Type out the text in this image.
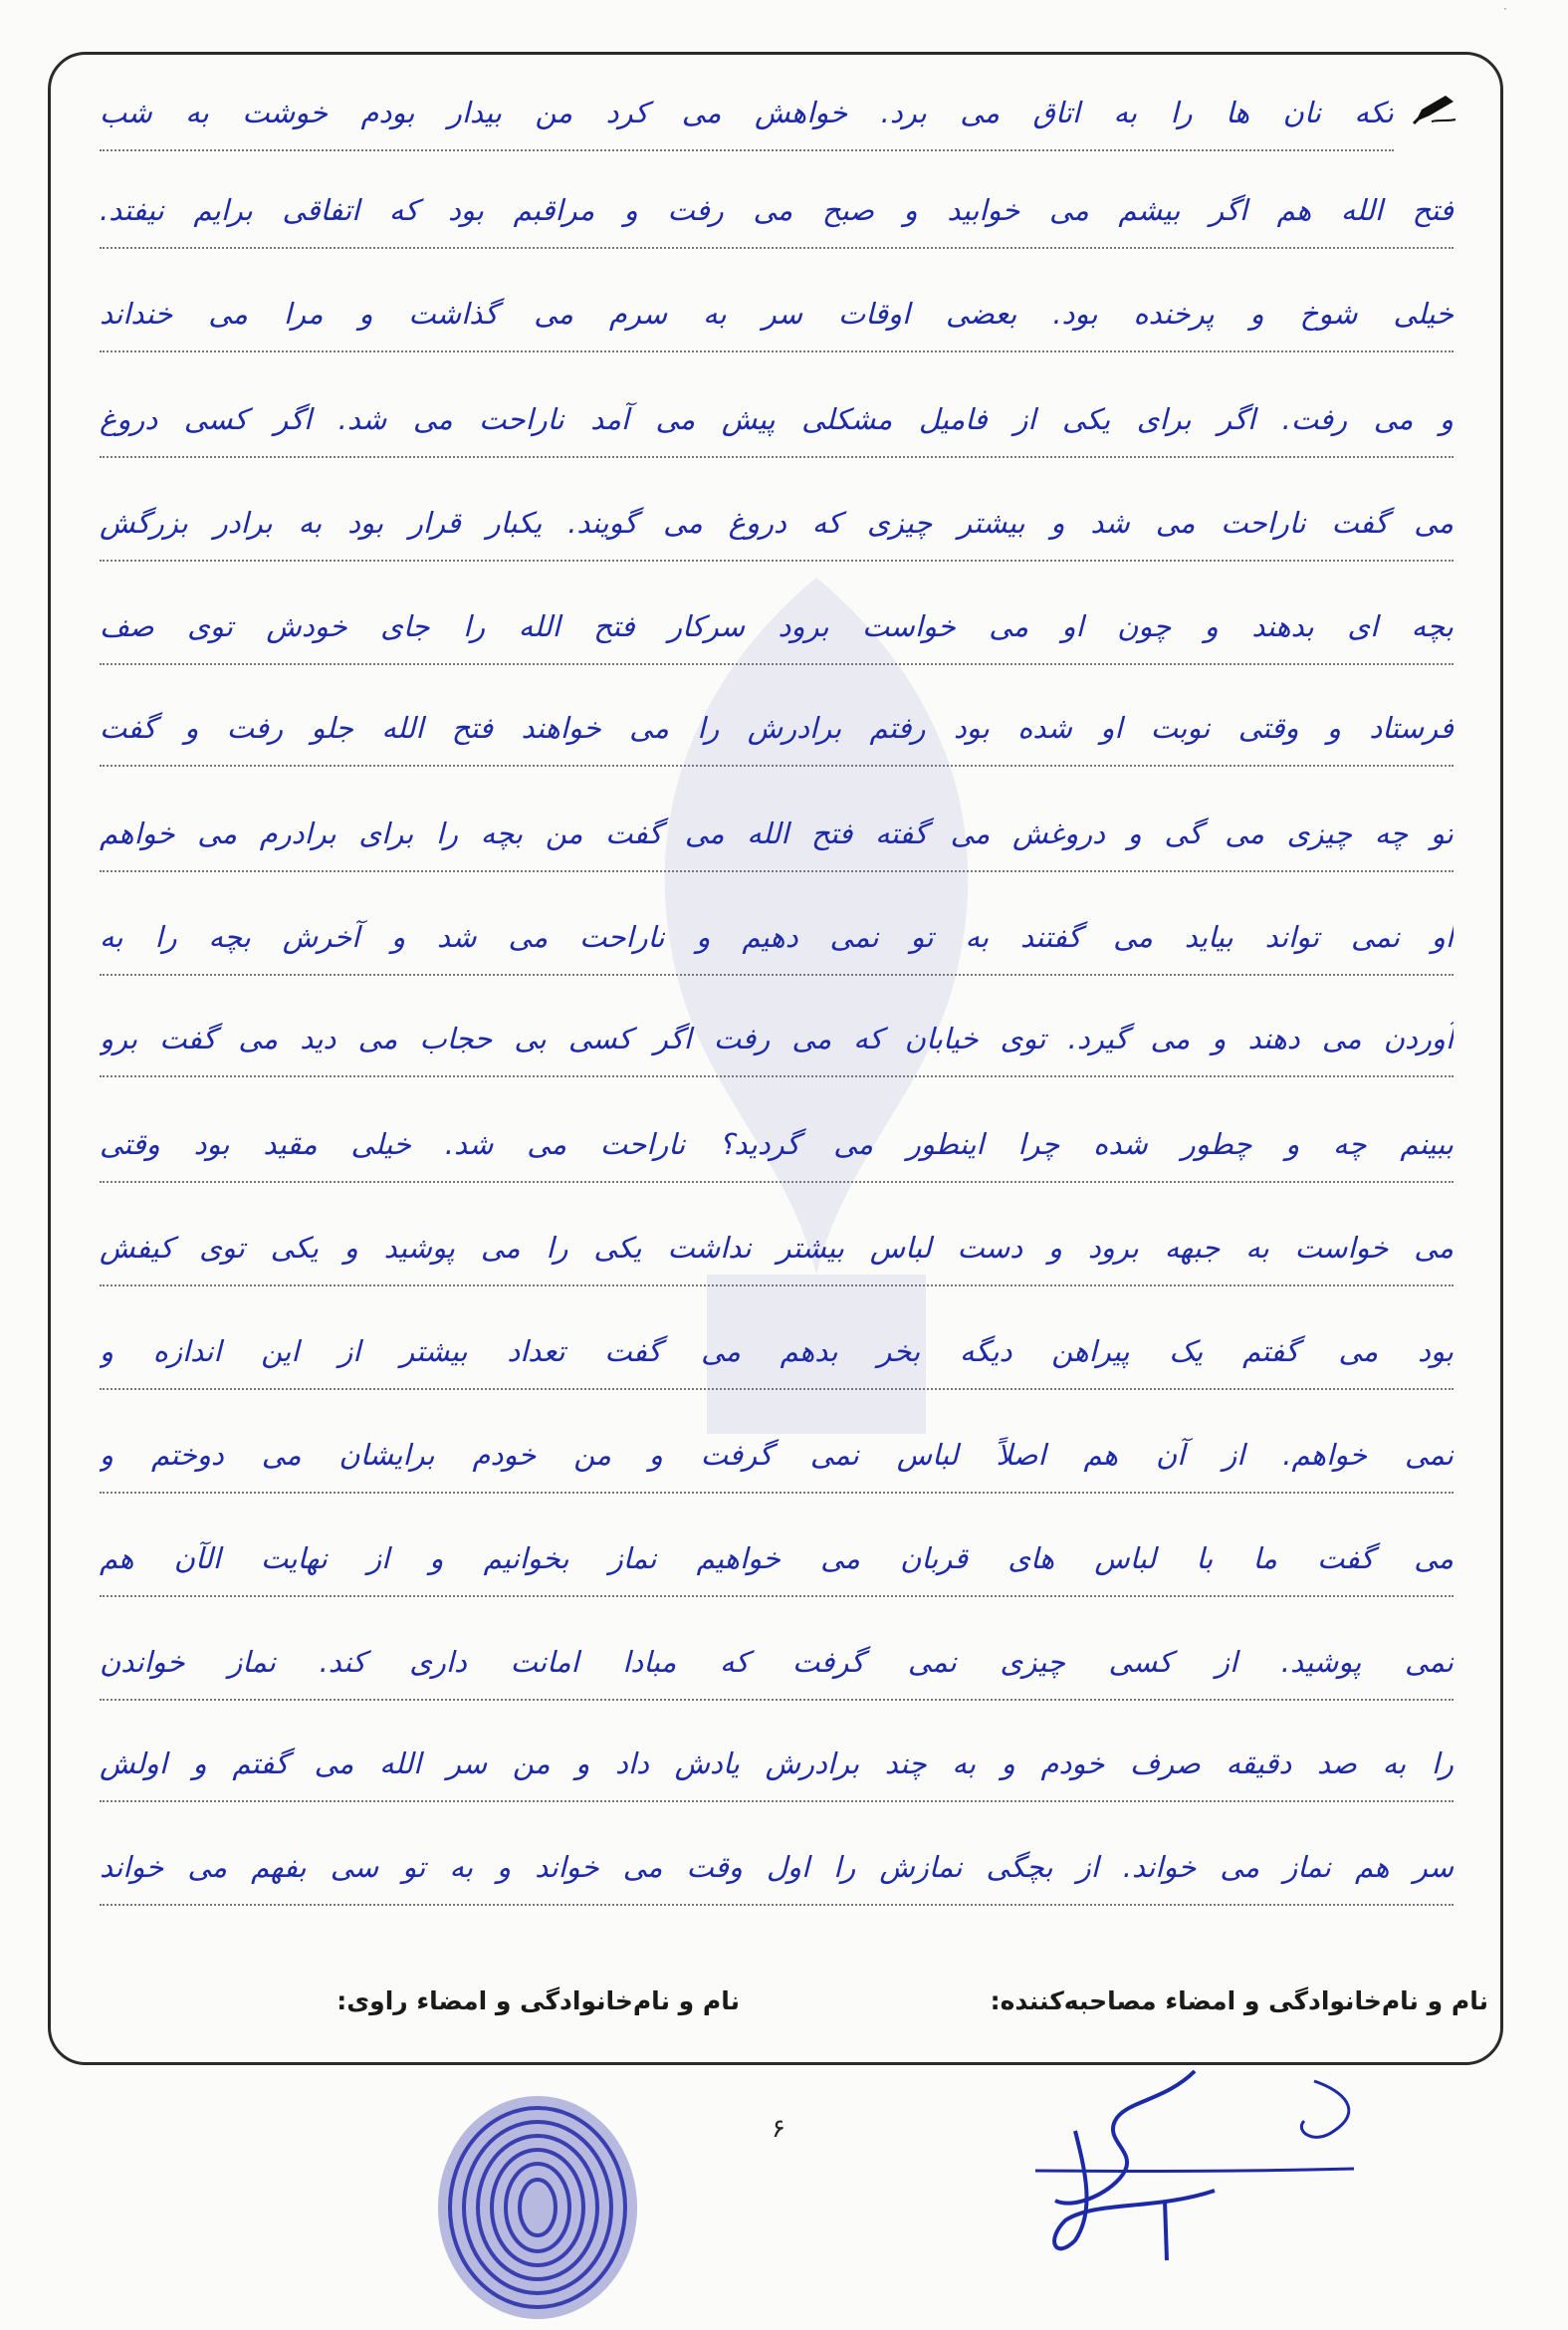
·
تکه نان ها را به اتاق می برد. خواهش می کرد من بیدار بودم خوشت به شب
فتح الله هم اگر بیشم می خوابید و صبح می رفت و مراقبم بود که اتفاقی برایم نیفتد.
خیلی شوخ و پرخنده بود. بعضی اوقات سر به سرم می گذاشت و مرا می خنداند
و می رفت. اگر برای یکی از فامیل مشکلی پیش می آمد ناراحت می شد. اگر کسی دروغ
می گفت ناراحت می شد و بیشتر چیزی که دروغ می گویند. یکبار قرار بود به برادر بزرگش
بچه ای بدهند و چون او می خواست برود سرکار فتح الله را جای خودش توی صف
فرستاد و وقتی نوبت او شده بود رفتم برادرش را می خواهند فتح الله جلو رفت و گفت
تو چه چیزی می گی و دروغش می گفته فتح الله می گفت من بچه را برای برادرم می خواهم
او نمی تواند بیاید می گفتند به تو نمی دهیم و ناراحت می شد و آخرش بچه را به
آوردن می دهند و می گیرد. توی خیابان که می رفت اگر کسی بی حجاب می دید می گفت برو
ببینم چه و چطور شده چرا اینطور می گردید؟ ناراحت می شد. خیلی مقید بود وقتی
می خواست به جبهه برود و دست لباس بیشتر نداشت یکی را می پوشید و یکی توی کیفش
بود می گفتم یک پیراهن دیگه بخر بدهم می گفت تعداد بیشتر از این اندازه و
نمی خواهم. از آن هم اصلاً لباس نمی گرفت و من خودم برایشان می دوختم و
می گفت ما با لباس های قربان می خواهیم نماز بخوانیم و از نهایت الآن هم
نمی پوشید. از کسی چیزی نمی گرفت که مبادا امانت داری کند. نماز خواندن
را به صد دقیقه صرف خودم و به چند برادرش یادش داد و من سر الله می گفتم و اولش
سر هم نماز می خواند. از بچگی نمازش را اول وقت می خواند و به تو سی بفهم می خواند
نام و نام‌خانوادگی و امضاء مصاحبه‌کننده:
نام و نام‌خانوادگی و امضاء راوی:
۶
